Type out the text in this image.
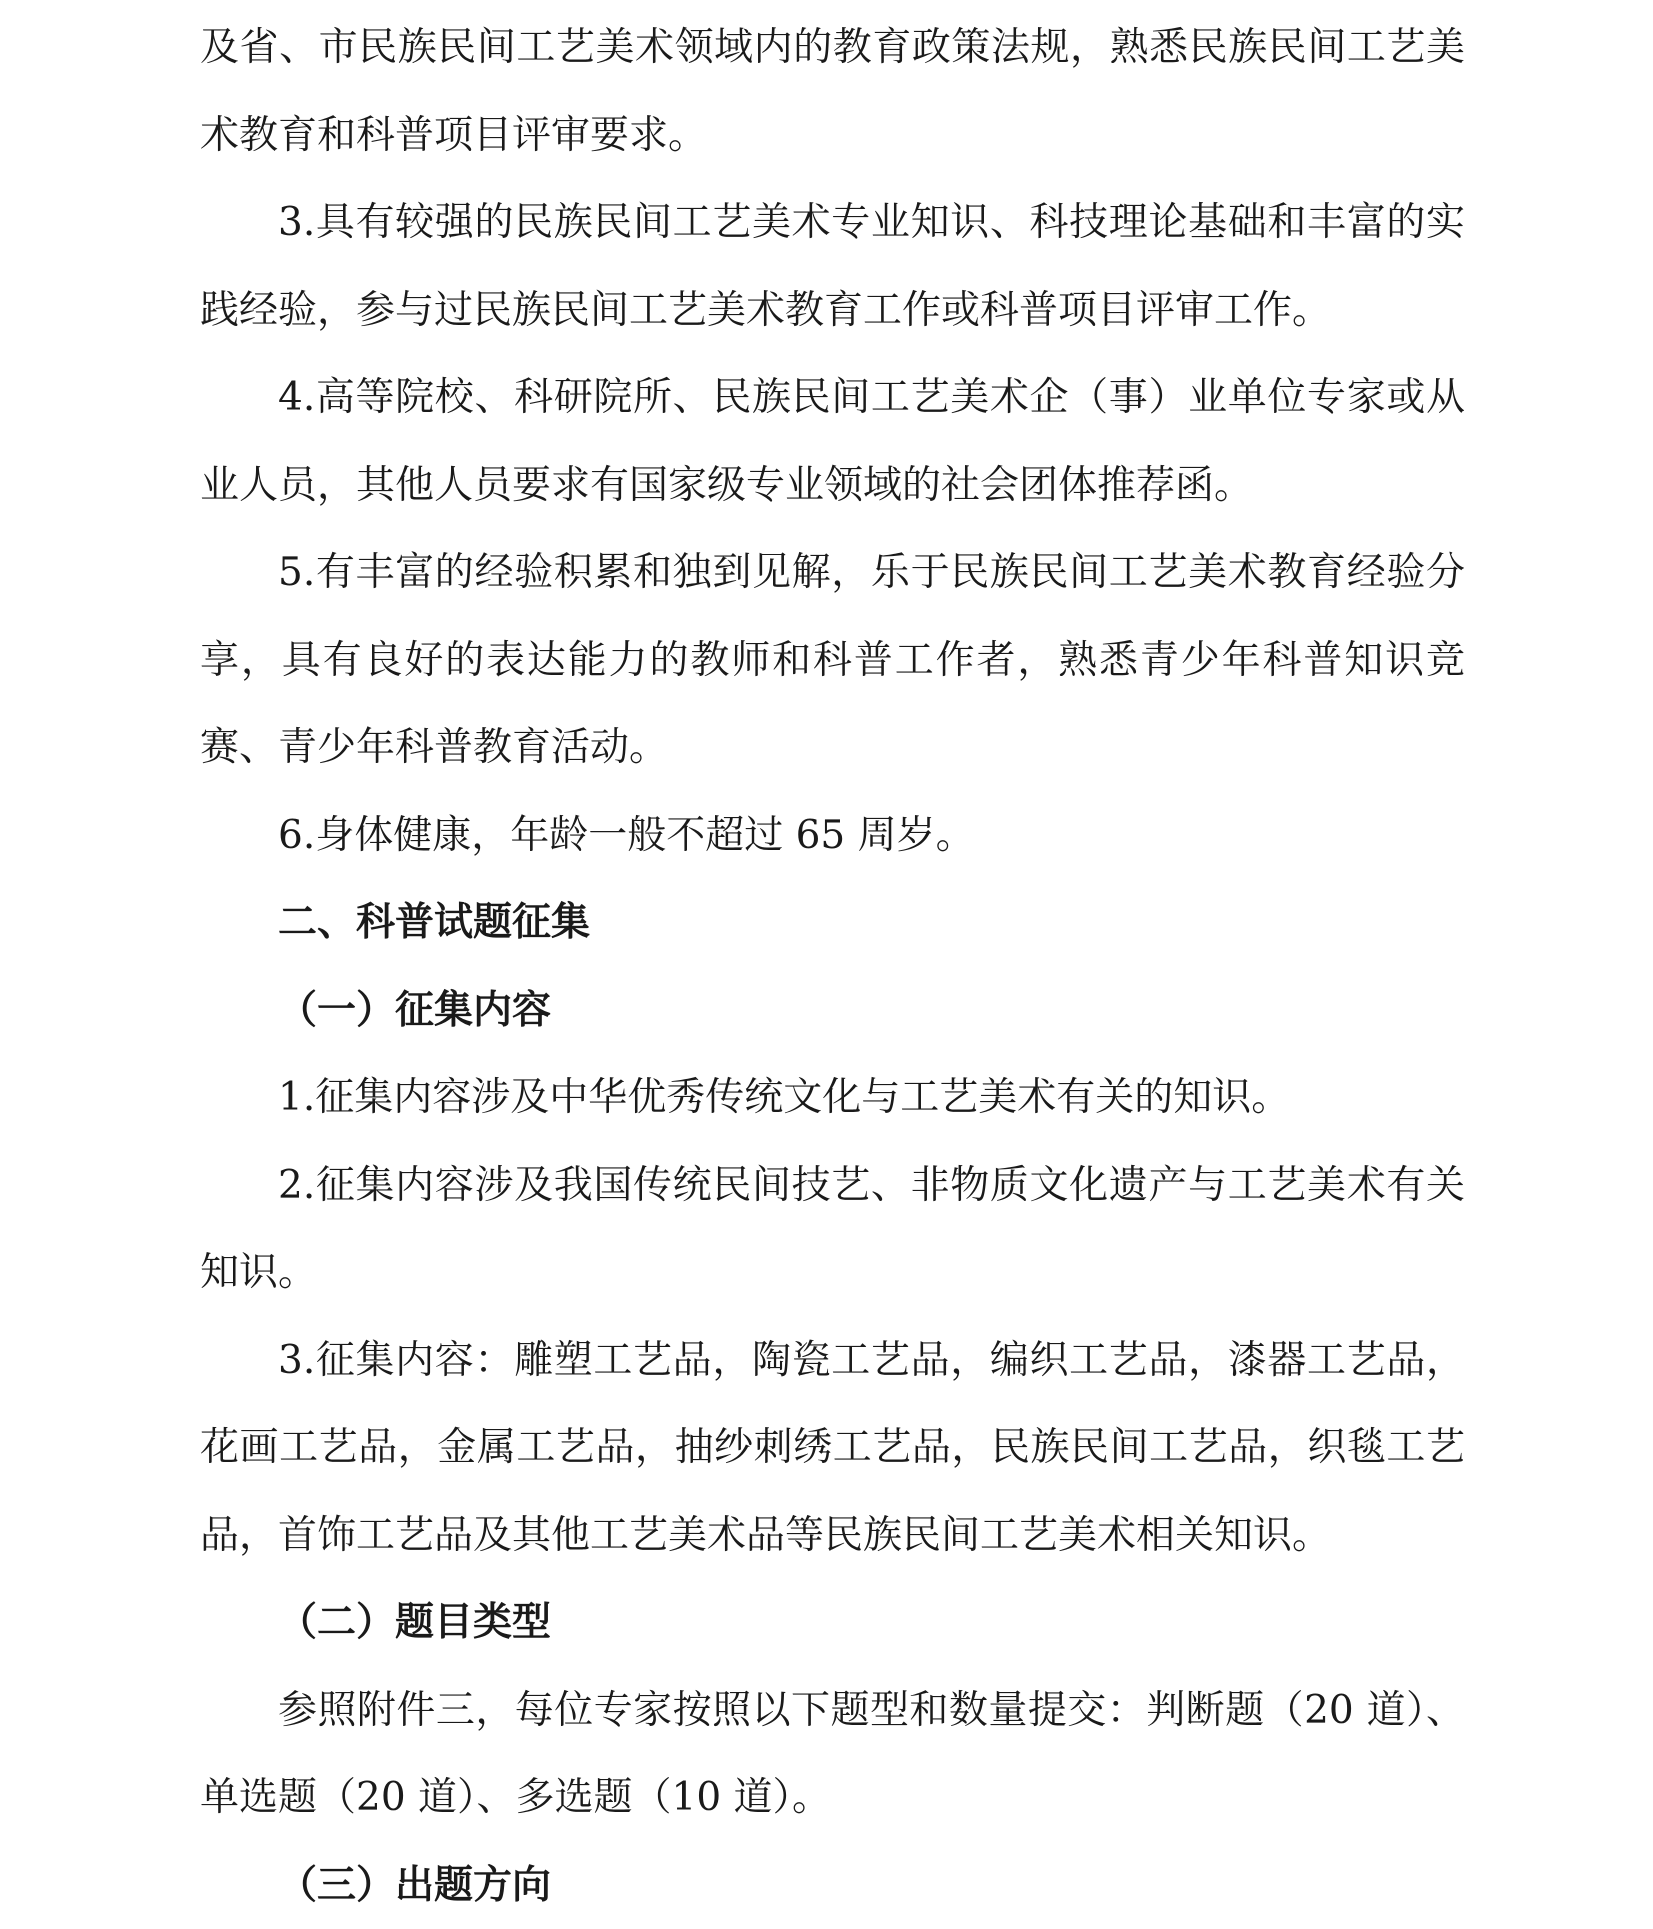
及省、市民族民间工艺美术领域内的教育政策法规，熟悉民族民间工艺美术教育和科普项目评审要求。

3.具有较强的民族民间工艺美术专业知识、科技理论基础和丰富的实践经验，参与过民族民间工艺美术教育工作或科普项目评审工作。

4.高等院校、科研院所、民族民间工艺美术企（事）业单位专家或从业人员，其他人员要求有国家级专业领域的社会团体推荐函。

5.有丰富的经验积累和独到见解，乐于民族民间工艺美术教育经验分享，具有良好的表达能力的教师和科普工作者，熟悉青少年科普知识竞赛、青少年科普教育活动。

6.身体健康，年龄一般不超过 65 周岁。

二、科普试题征集

（一）征集内容

1.征集内容涉及中华优秀传统文化与工艺美术有关的知识。

2.征集内容涉及我国传统民间技艺、非物质文化遗产与工艺美术有关知识。

3.征集内容：雕塑工艺品，陶瓷工艺品，编织工艺品，漆器工艺品，花画工艺品，金属工艺品，抽纱刺绣工艺品，民族民间工艺品，织毯工艺品，首饰工艺品及其他工艺美术品等民族民间工艺美术相关知识。

（二）题目类型

参照附件三，每位专家按照以下题型和数量提交：判断题（20 道）、单选题（20 道）、多选题（10 道）。

（三）出题方向
